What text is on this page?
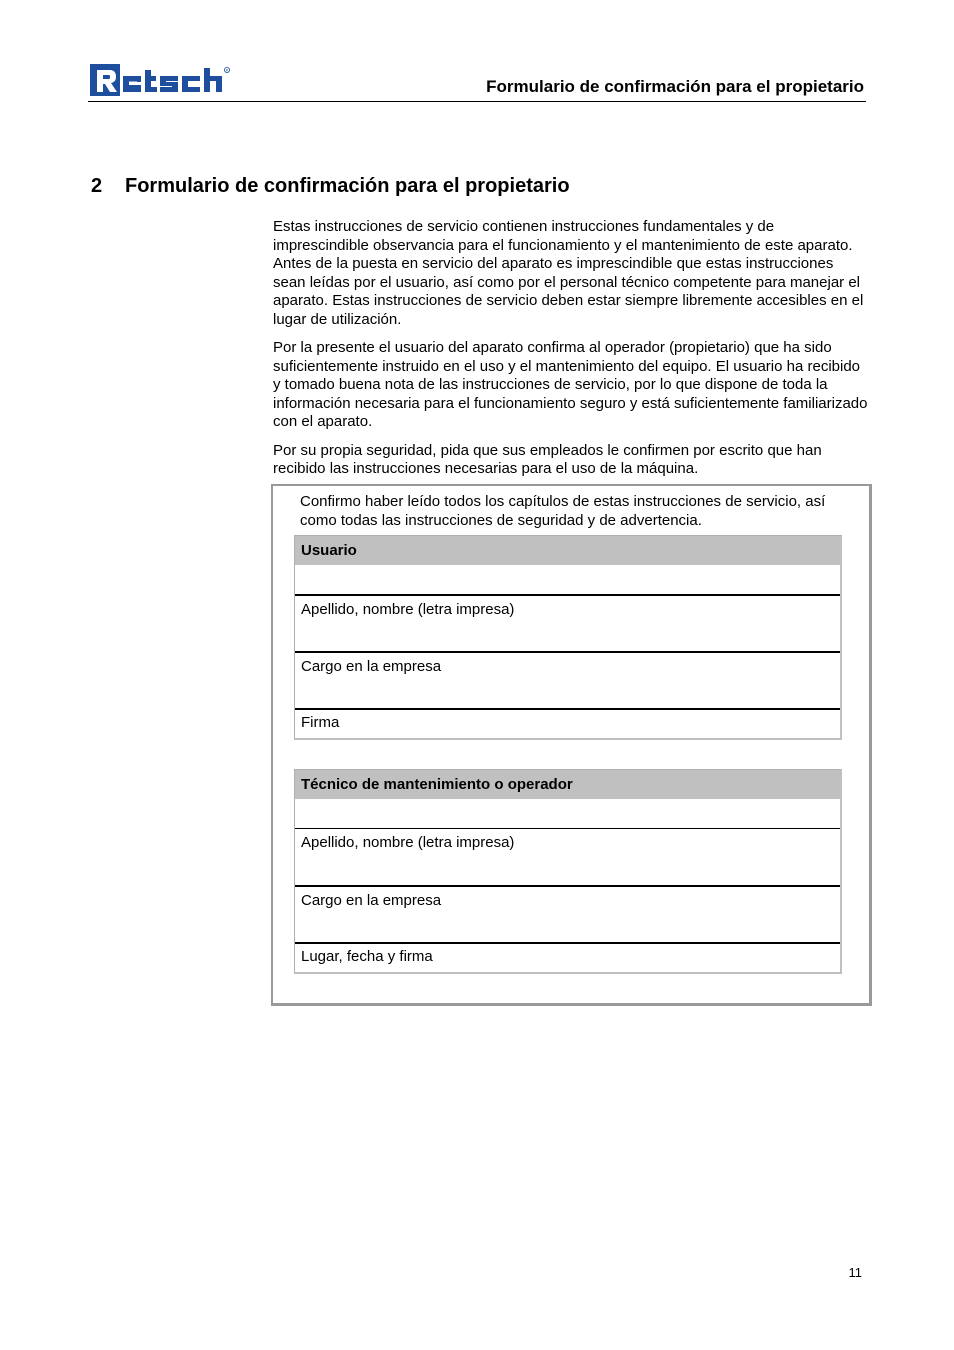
R
Formulario de confirmación para el propietario
2 Formulario de confirmación para el propietario

Estas instrucciones de servicio contienen instrucciones fundamentales y de imprescindible observancia para el funcionamiento y el mantenimiento de este aparato. Antes de la puesta en servicio del aparato es imprescindible que estas instrucciones sean leídas por el usuario, así como por el personal técnico competente para manejar el aparato. Estas instrucciones de servicio deben estar siempre libremente accesibles en el lugar de utilización.

Por la presente el usuario del aparato confirma al operador (propietario) que ha sido suficientemente instruido en el uso y el mantenimiento del equipo. El usuario ha recibido y tomado buena nota de las instrucciones de servicio, por lo que dispone de toda la información necesaria para el funcionamiento seguro y está suficientemente familiarizado con el aparato.

Por su propia seguridad, pida que sus empleados le confirmen por escrito que han recibido las instrucciones necesarias para el uso de la máquina.

Confirmo haber leído todos los capítulos de estas instrucciones de servicio, así como todas las instrucciones de seguridad y de advertencia.
Usuario
Apellido, nombre (letra impresa)
Cargo en la empresa
Firma
Técnico de mantenimiento o operador
Apellido, nombre (letra impresa)
Cargo en la empresa
Lugar, fecha y firma
11
